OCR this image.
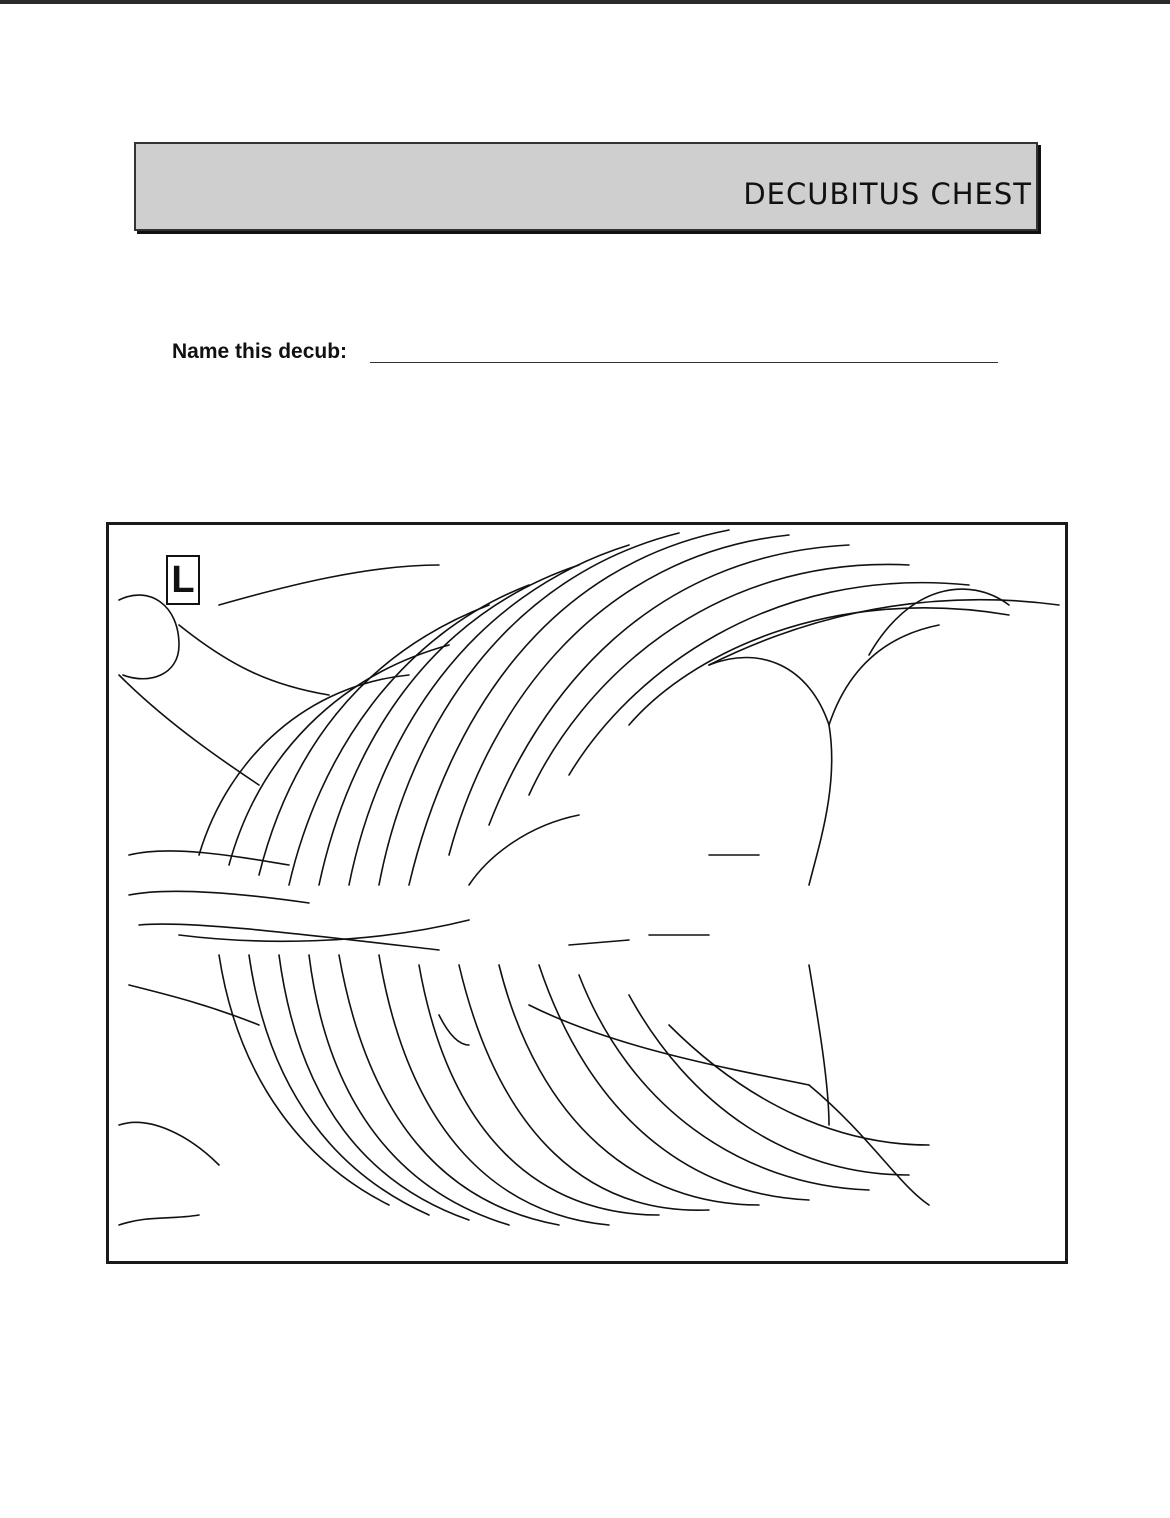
DECUBITUS CHEST
Name this decub:
L
